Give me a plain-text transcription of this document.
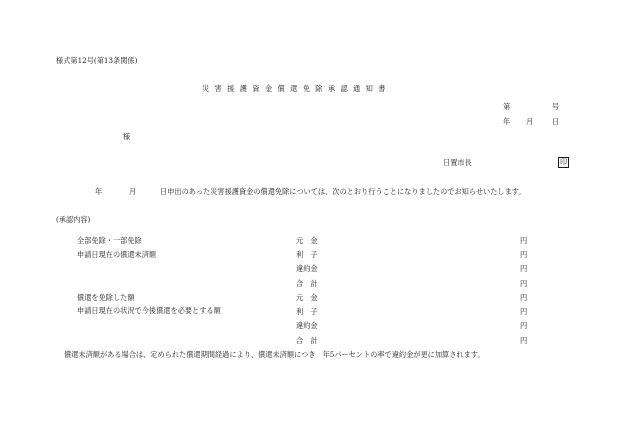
様式第12号(第13条関係)
災害援護資金償還免除承認通知書
第	号
年 月	日
様
日置市長	印
年	月	日申出のあった災害援護資金の償還免除については、次のとおり行うことになりましたのでお知らせいたします。
(承認内容)
全部免除・一部免除
申請日現在の償還未済額
元　金	円
利　子	円
違約金	円
合　計	円
償還を免除した額
申請日現在の状況で今後償還を必要とする額
元　金	円
利　子	円
違約金	円
合　計	円
償還未済額がある場合は、定められた償還期間経過により、償還未済額につき　年5パーセントの率で違約金が更に加算されます。
